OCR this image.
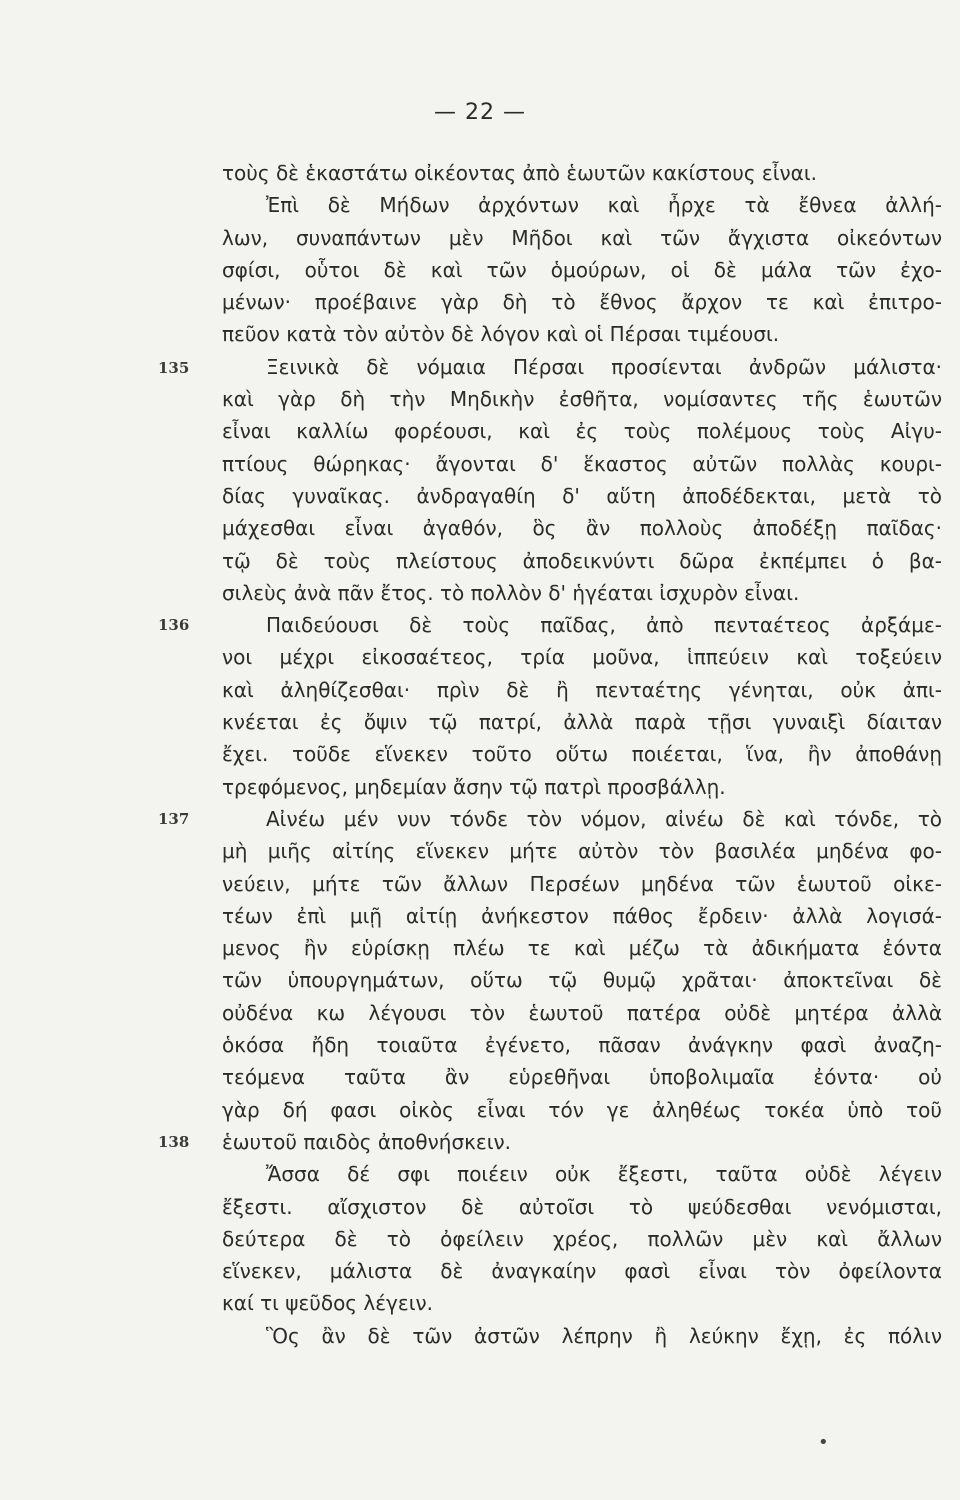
— 22 —
135
136
137
138
τοὺς δὲ ἑκαστάτω οἰκέοντας ἀπὸ ἑωυτῶν κακίστους εἶναι.
Ἐπὶ δὲ Μήδων ἀρχόντων καὶ ἦρχε τὰ ἔθνεα ἀλλή-
λων, συναπάντων μὲν Μῆδοι καὶ τῶν ἄγχιστα οἰκεόντων
σφίσι, οὗτοι δὲ καὶ τῶν ὁμούρων, οἱ δὲ μάλα τῶν ἐχο-
μένων· προέβαινε γὰρ δὴ τὸ ἔθνος ἄρχον τε καὶ ἐπιτρο-
πεῦον κατὰ τὸν αὐτὸν δὲ λόγον καὶ οἱ Πέρσαι τιμέουσι.
Ξεινικὰ δὲ νόμαια Πέρσαι προσίενται ἀνδρῶν μάλιστα·
καὶ γὰρ δὴ τὴν Μηδικὴν ἐσθῆτα, νομίσαντες τῆς ἑωυτῶν
εἶναι καλλίω φορέουσι, καὶ ἐς τοὺς πολέμους τοὺς Αἰγυ-
πτίους θώρηκας· ἄγονται δ' ἕκαστος αὐτῶν πολλὰς κουρι-
δίας γυναῖκας. ἀνδραγαθίη δ' αὕτη ἀποδέδεκται, μετὰ τὸ
μάχεσθαι εἶναι ἀγαθόν, ὃς ἂν πολλοὺς ἀποδέξῃ παῖδας·
τῷ δὲ τοὺς πλείστους ἀποδεικνύντι δῶρα ἐκπέμπει ὁ βα-
σιλεὺς ἀνὰ πᾶν ἔτος. τὸ πολλὸν δ' ἡγέαται ἰσχυρὸν εἶναι.
Παιδεύουσι δὲ τοὺς παῖδας, ἀπὸ πενταέτεος ἀρξάμε-
νοι μέχρι εἰκοσαέτεος, τρία μοῦνα, ἱππεύειν καὶ τοξεύειν
καὶ ἀληθίζεσθαι· πρὶν δὲ ἢ πενταέτης γένηται, οὐκ ἀπι-
κνέεται ἐς ὄψιν τῷ πατρί, ἀλλὰ παρὰ τῇσι γυναιξὶ δίαιταν
ἔχει. τοῦδε εἵνεκεν τοῦτο οὕτω ποιέεται, ἵνα, ἢν ἀποθάνῃ
τρεφόμενος, μηδεμίαν ἄσην τῷ πατρὶ προσβάλλῃ.
Αἰνέω μέν νυν τόνδε τὸν νόμον, αἰνέω δὲ καὶ τόνδε, τὸ
μὴ μιῆς αἰτίης εἵνεκεν μήτε αὐτὸν τὸν βασιλέα μηδένα φο-
νεύειν, μήτε τῶν ἄλλων Περσέων μηδένα τῶν ἑωυτοῦ οἰκε-
τέων ἐπὶ μιῇ αἰτίῃ ἀνήκεστον πάθος ἔρδειν· ἀλλὰ λογισά-
μενος ἢν εὑρίσκῃ πλέω τε καὶ μέζω τὰ ἀδικήματα ἐόντα
τῶν ὑπουργημάτων, οὕτω τῷ θυμῷ χρᾶται· ἀποκτεῖναι δὲ
οὐδένα κω λέγουσι τὸν ἑωυτοῦ πατέρα οὐδὲ μητέρα ἀλλὰ
ὁκόσα ἤδη τοιαῦτα ἐγένετο, πᾶσαν ἀνάγκην φασὶ ἀναζη-
τεόμενα ταῦτα ἂν εὑρεθῆναι ὑποβολιμαῖα ἐόντα· οὐ
γὰρ δή φασι οἰκὸς εἶναι τόν γε ἀληθέως τοκέα ὑπὸ τοῦ
ἑωυτοῦ παιδὸς ἀποθνήσκειν.
Ἄσσα δέ σφι ποιέειν οὐκ ἔξεστι, ταῦτα οὐδὲ λέγειν
ἔξεστι. αἴσχιστον δὲ αὐτοῖσι τὸ ψεύδεσθαι νενόμισται,
δεύτερα δὲ τὸ ὀφείλειν χρέος, πολλῶν μὲν καὶ ἄλλων
εἵνεκεν, μάλιστα δὲ ἀναγκαίην φασὶ εἶναι τὸν ὀφείλοντα
καί τι ψεῦδος λέγειν.
Ὃς ἂν δὲ τῶν ἀστῶν λέπρην ἢ λεύκην ἔχῃ, ἐς πόλιν
•
